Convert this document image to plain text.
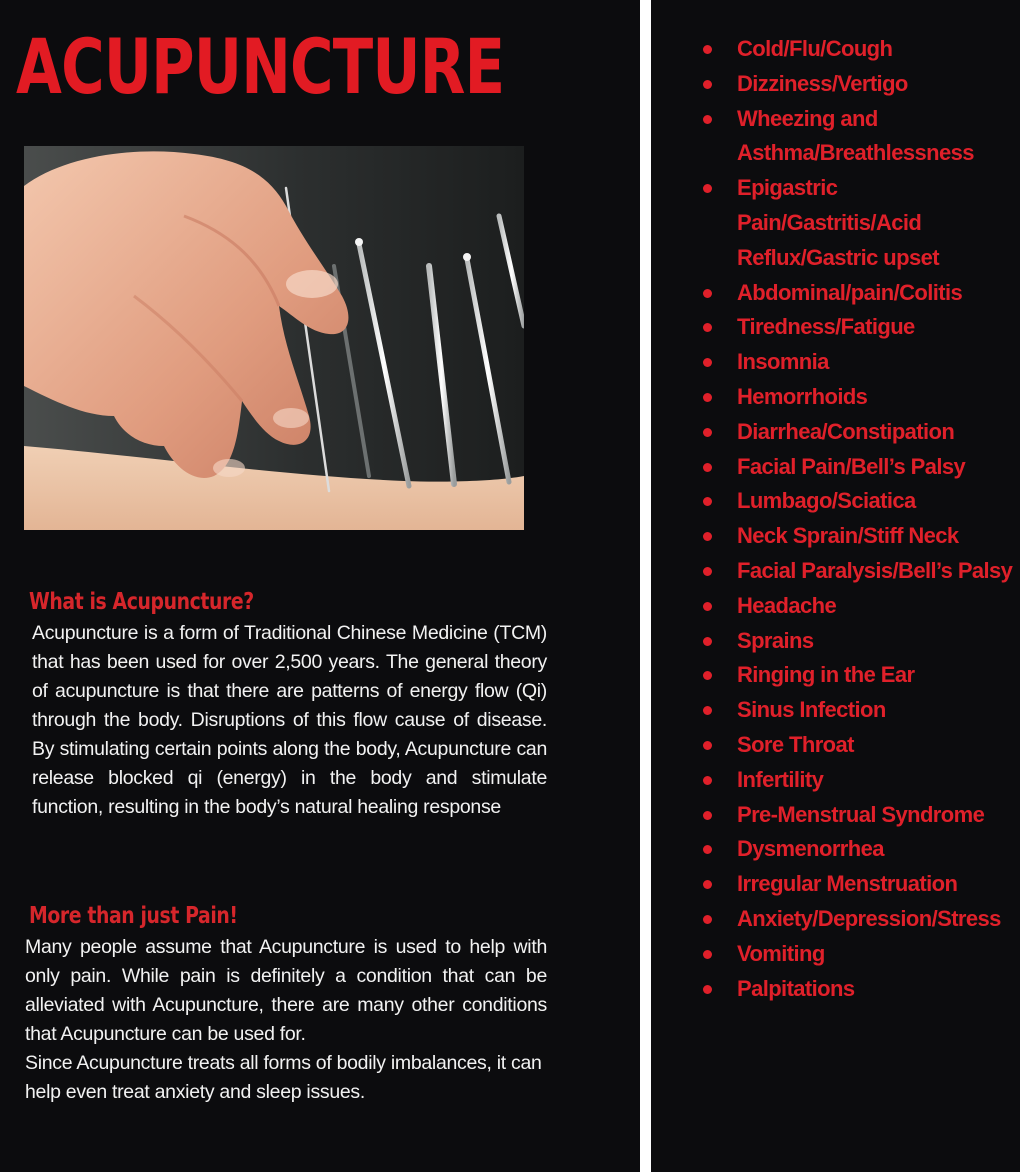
ACUPUNCTURE
What is Acupuncture?

Acupuncture is a form of Traditional Chinese Medicine (TCM) that has been used for over 2,500 years. The general theory of acupuncture is that there are patterns of energy flow (Qi) through the body. Disruptions of this flow cause of disease. By stimulating certain points along the body, Acupuncture can release blocked qi (energy) in the body and stimulate function, resulting in the body’s natural healing response

More than just Pain!

Many people assume that Acupuncture is used to help with only pain. While pain is definitely a condition that can be alleviated with Acupuncture, there are many other conditions that Acupuncture can be used for.

Since Acupuncture treats all forms of bodily imbalances, it can help even treat anxiety and sleep issues.

Cold/Flu/Cough
Dizziness/Vertigo
Wheezing and Asthma/Breathlessness
Epigastric Pain/Gastritis/Acid Reflux/Gastric upset
Abdominal/pain/Colitis
Tiredness/Fatigue
Insomnia
Hemorrhoids
Diarrhea/Constipation
Facial Pain/Bell’s Palsy
Lumbago/Sciatica
Neck Sprain/Stiff Neck
Facial Paralysis/Bell’s Palsy
Headache
Sprains
Ringing in the Ear
Sinus Infection
Sore Throat
Infertility
Pre-Menstrual Syndrome
Dysmenorrhea
Irregular Menstruation
Anxiety/Depression/Stress
Vomiting
Palpitations
